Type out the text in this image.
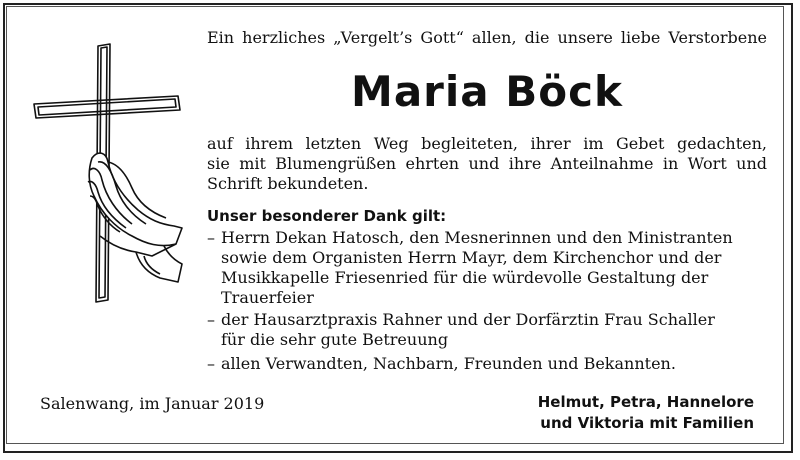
Ein herzliches „Vergelt’s Gott“ allen, die unsere liebe Verstorbene
Maria Böck
auf ihrem letzten Weg begleiteten, ihrer im Gebet gedachten,
sie mit Blumengrüßen ehrten und ihre Anteilnahme in Wort und
Schrift bekundeten.
Unser besonderer Dank gilt:
– Herrn Dekan Hatosch, den Mesnerinnen und den Ministranten
sowie dem Organisten Herrn Mayr, dem Kirchenchor und der
Musikkapelle Friesenried für die würdevolle Gestaltung der
Trauerfeier
– der Hausarztpraxis Rahner und der Dorfärztin Frau Schaller
für die sehr gute Betreuung
– allen Verwandten, Nachbarn, Freunden und Bekannten.
Salenwang, im Januar 2019	Helmut, Petra, Hannelore
und Viktoria mit Familien
